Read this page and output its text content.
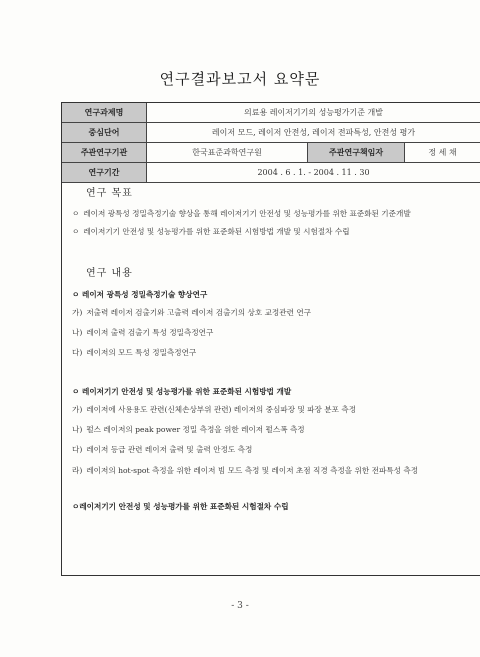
연구결과보고서 요약문
연구과제명	의료용 레이저기기의 성능평가기준 개발		
중심단어	레이저 모드, 레이저 안전성, 레이저 전파특성, 안전성 평가		
주관연구기관	한국표준과학연구원	주관연구책임자	정 세 채
연구기간	2004 . 6 . 1. - 2004 . 11 . 30		
연구 목표
ㅇ 레이저 광특성 정밀측정기술 향상을 통해 레이저기기 안전성 및 성능평가를 위한 표준화된 기준개발
ㅇ 레이저기기 안전성 및 성능평가를 위한 표준화된 시험방법 개발 및 시험절차 수립
연구 내용
ㅇ 레이저 광특성 정밀측정기술 향상연구
가) 저출력 레이저 검출기와 고출력 레이저 검출기의 상호 교정관련 연구
나) 레이저 출력 검출기 특성 정밀측정연구
다) 레이저의 모드 특성 정밀측정연구
ㅇ 레이저기기 안전성 및 성능평가를 위한 표준화된 시험방법 개발
가) 레이저에 사용용도 관련(신체손상부위 관련) 레이저의 중심파장 및 파장 분포 측정
나) 펄스 레이저의 peak power 정밀 측정을 위한 레이저 펄스폭 측정
다) 레이저 등급 관련 레이저 출력 및 출력 안정도 측정
라) 레이저의 hot-spot 측정을 위한 레이저 빔 모드 측정 및 레이저 초점 직경 측정을 위한 전파특성 측정
ㅇ레이저기기 안전성 및 성능평가를 위한 표준화된 시험절차 수립
- 3 -
